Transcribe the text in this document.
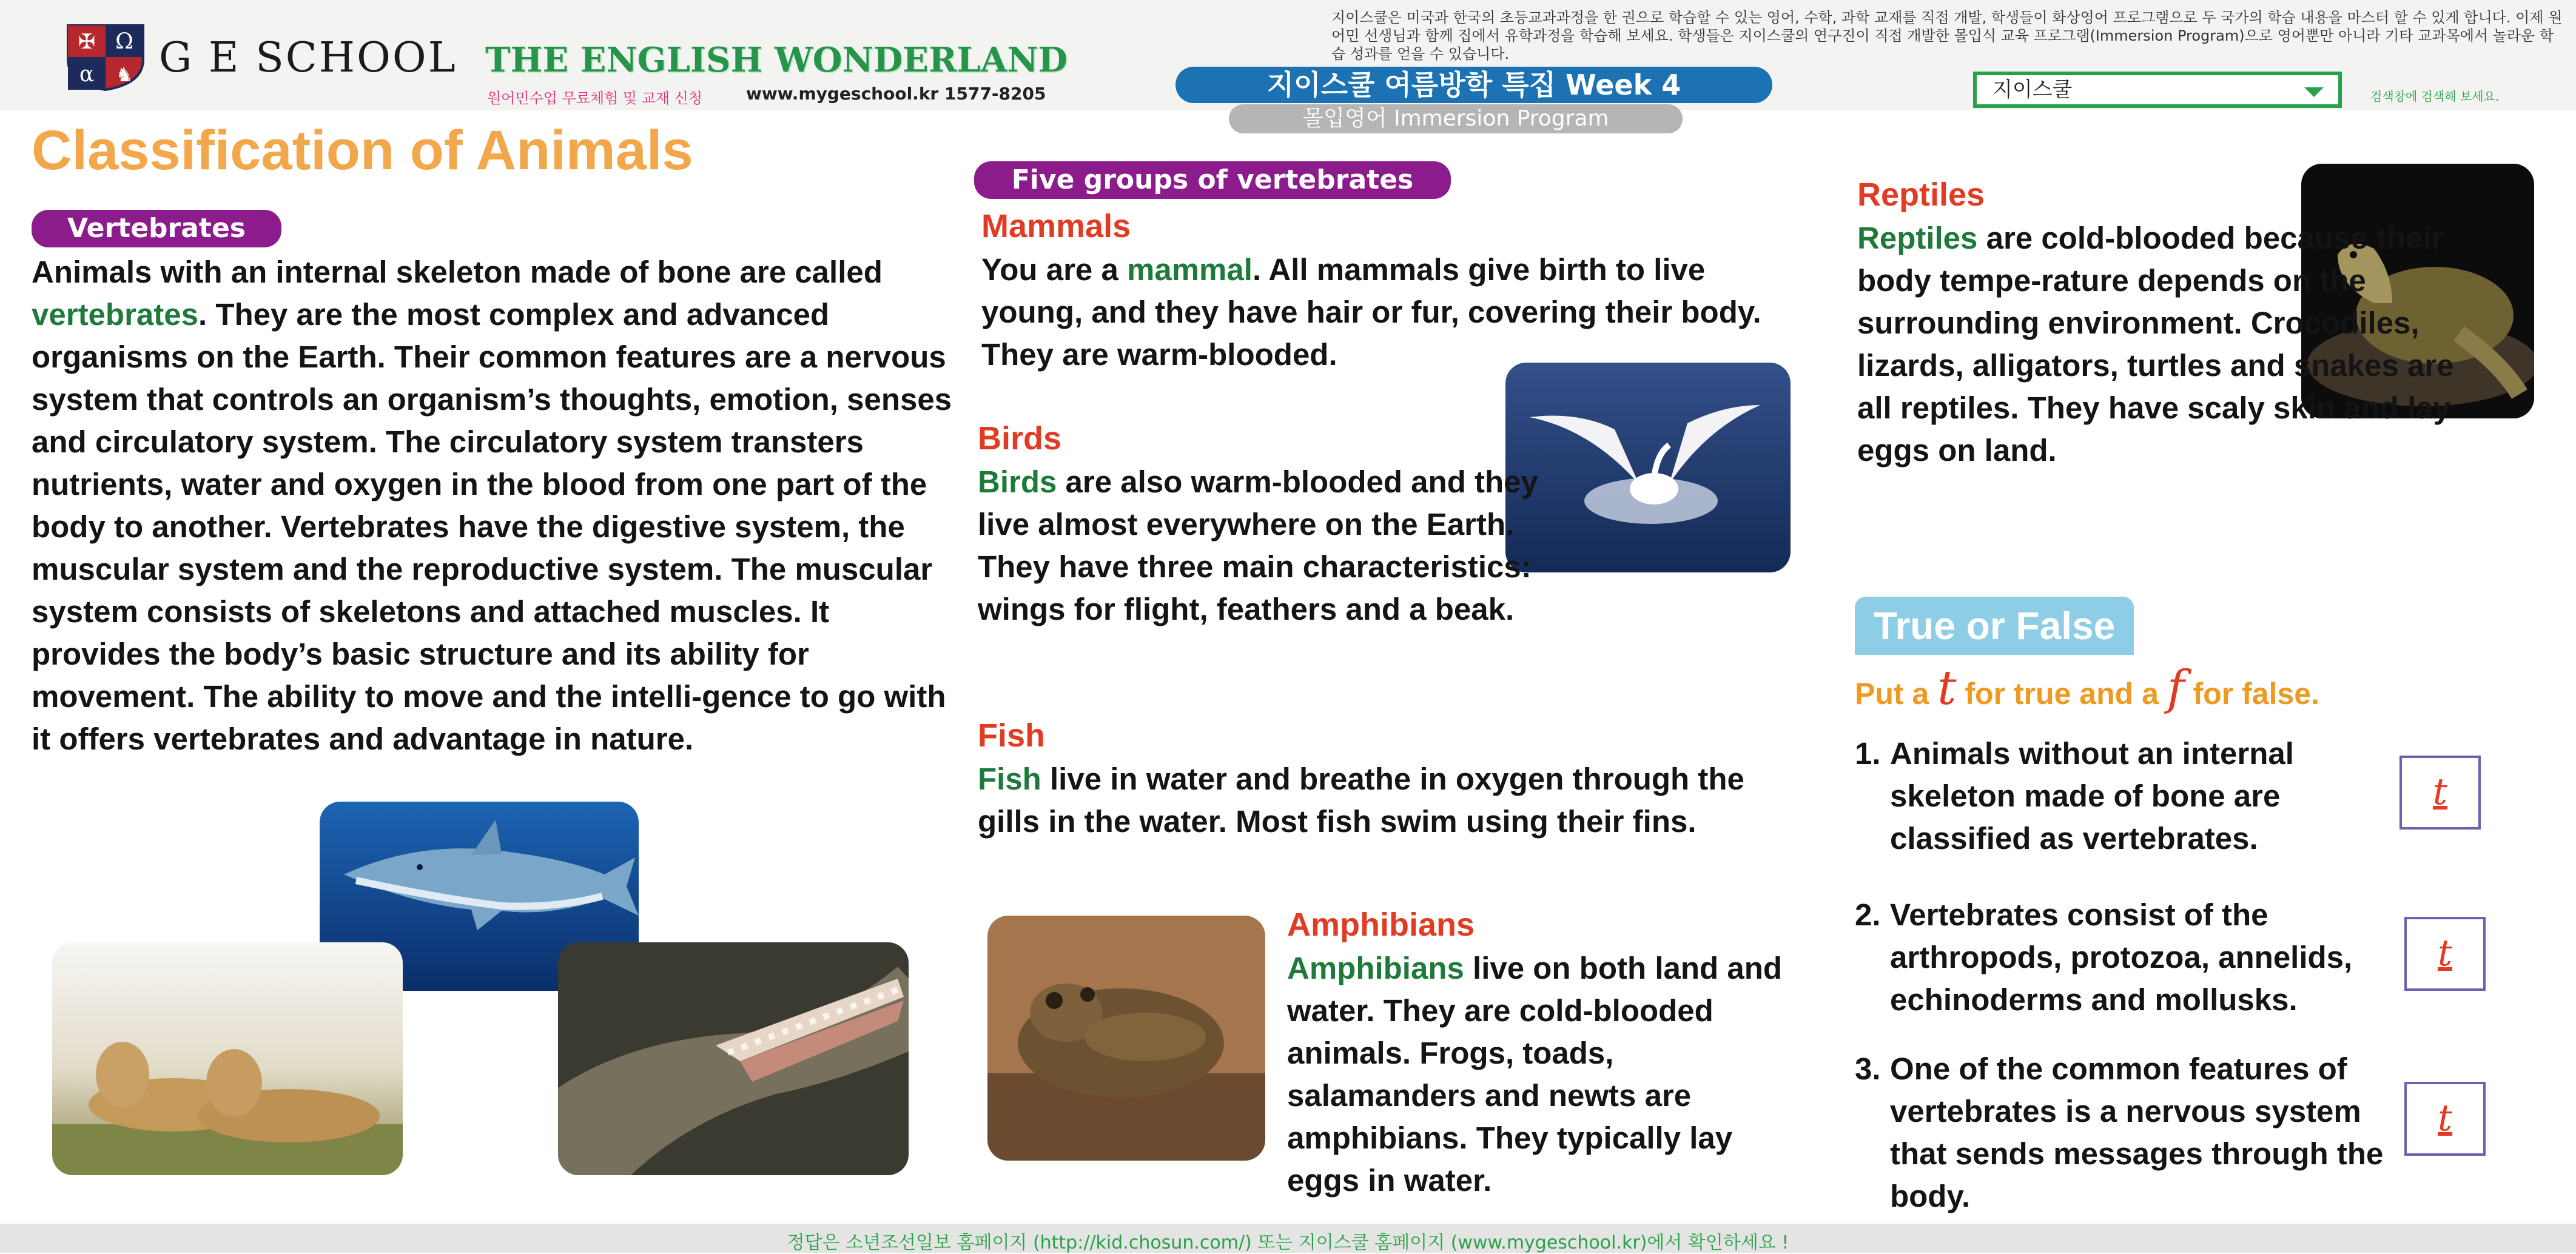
✠ Ω
α ♞ G E SCHOOL THE ENGLISH WONDERLAND
원어민수업 무료체험 및 교재 신청	www.mygeschool.kr 1577-8205
지이스쿨은 미국과 한국의 초등교과과정을 한 권으로 학습할 수 있는 영어, 수학, 과학 교재를 직접 개발, 학생들이 화상영어 프로그램으로 두 국가의 학습 내용을 마스터 할 수 있게 합니다. 이제 원어민 선생님과 함께 집에서 유학과정을 학습해 보세요. 학생들은 지이스쿨의 연구진이 직접 개발한 몰입식 교육 프로그램(Immersion Program)으로 영어뿐만 아니라 기타 교과목에서 놀라운 학습 성과를 얻을 수 있습니다.
지이스쿨 여름방학 특집 Week 4
몰입영어 Immersion Program
지이스쿨	검색창에 검색해 보세요.
Classification of Animals
Vertebrates
Animals with an internal skeleton made of bone are called vertebrates. They are the most complex and advanced organisms on the Earth. Their common features are a nervous system that controls an organism’s thoughts, emotion, senses and circulatory system. The circulatory system transters nutrients, water and oxygen in the blood from one part of the body to another. Vertebrates have the digestive system, the muscular system and the reproductive system. The muscular system consists of skeletons and attached muscles. It provides the body’s basic structure and its ability for movement. The ability to move and the intelli-gence to go with it offers vertebrates and advantage in nature.
Five groups of vertebrates
Mammals
You are a mammal. All mammals give birth to live young, and they have hair or fur, covering their body. They are warm-blooded.
Birds
Birds are also warm-blooded and they live almost everywhere on the Earth. They have three main characteristics: wings for flight, feathers and a beak.
Fish
Fish live in water and breathe in oxygen through the gills in the water. Most fish swim using their fins.
Amphibians
Amphibians live on both land and water. They are cold-blooded animals. Frogs, toads, salamanders and newts are amphibians. They typically lay eggs in water.
Reptiles
Reptiles are cold-blooded because their body tempe-rature depends on the surrounding environment. Crocodiles, lizards, alligators, turtles and snakes are all reptiles. They have scaly skin and lay eggs on land.
True or False
Put a t for true and a f for false.
1. Animals without an internal skeleton made of bone are classified as vertebrates.
t
2. Vertebrates consist of the arthropods, protozoa, annelids, echinoderms and mollusks.
t
3. One of the common features of vertebrates is a nervous system that sends messages through the body.
t
정답은 소년조선일보 홈페이지 (http://kid.chosun.com/) 또는 지이스쿨 홈페이지 (www.mygeschool.kr)에서 확인하세요 !
